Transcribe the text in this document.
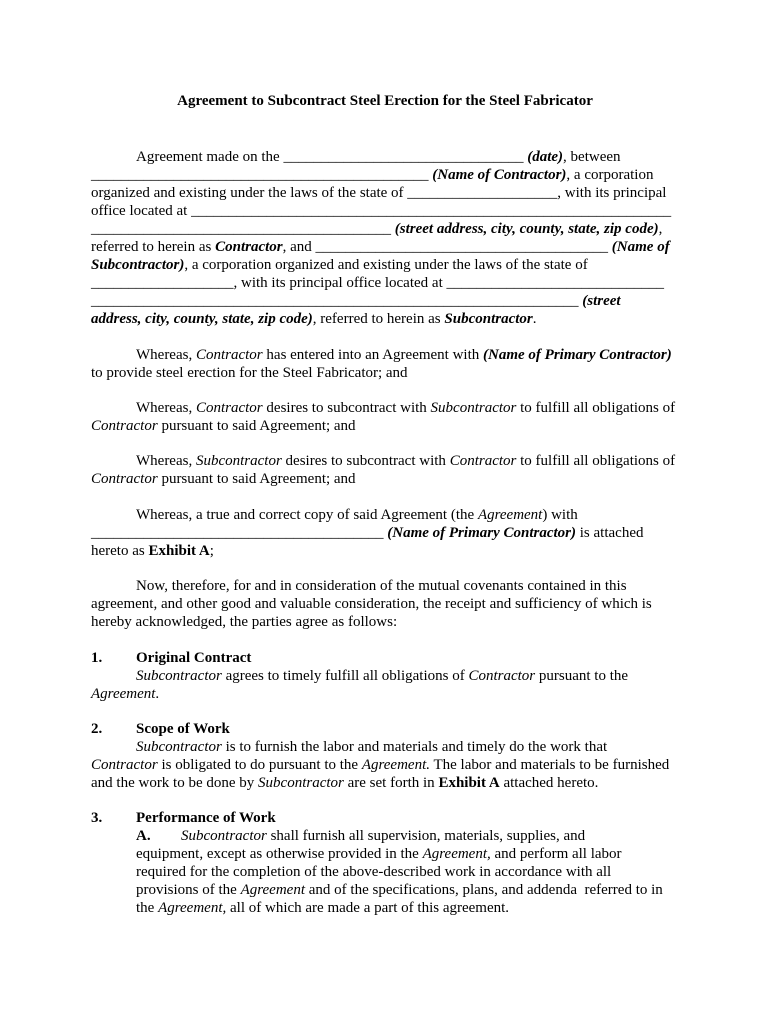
Agreement to Subcontract Steel Erection for the Steel Fabricator
Agreement made on the ________________________________ (date), between
_____________________________________________ (Name of Contractor), a corporation
organized and existing under the laws of the state of ____________________, with its principal
office located at ________________________________________________________________
________________________________________ (street address, city, county, state, zip code),
referred to herein as Contractor, and _______________________________________ (Name of
Subcontractor), a corporation organized and existing under the laws of the state of
___________________, with its principal office located at _____________________________
_________________________________________________________________ (street
address, city, county, state, zip code), referred to herein as Subcontractor.
Whereas, Contractor has entered into an Agreement with (Name of Primary Contractor)
to provide steel erection for the Steel Fabricator; and
Whereas, Contractor desires to subcontract with Subcontractor to fulfill all obligations of
Contractor pursuant to said Agreement; and
Whereas, Subcontractor desires to subcontract with Contractor to fulfill all obligations of
Contractor pursuant to said Agreement; and
Whereas, a true and correct copy of said Agreement (the Agreement) with
_______________________________________ (Name of Primary Contractor) is attached
hereto as Exhibit A;
Now, therefore, for and in consideration of the mutual covenants contained in this
agreement, and other good and valuable consideration, the receipt and sufficiency of which is
hereby acknowledged, the parties agree as follows:
1. Original Contract
Subcontractor agrees to timely fulfill all obligations of Contractor pursuant to the
Agreement.
2. Scope of Work
Subcontractor is to furnish the labor and materials and timely do the work that
Contractor is obligated to do pursuant to the Agreement. The labor and materials to be furnished
and the work to be done by Subcontractor are set forth in Exhibit A attached hereto.
3. Performance of Work
A. Subcontractor shall furnish all supervision, materials, supplies, and
equipment, except as otherwise provided in the Agreement, and perform all labor
required for the completion of the above-described work in accordance with all
provisions of the Agreement and of the specifications, plans, and addenda  referred to in
the Agreement, all of which are made a part of this agreement.
